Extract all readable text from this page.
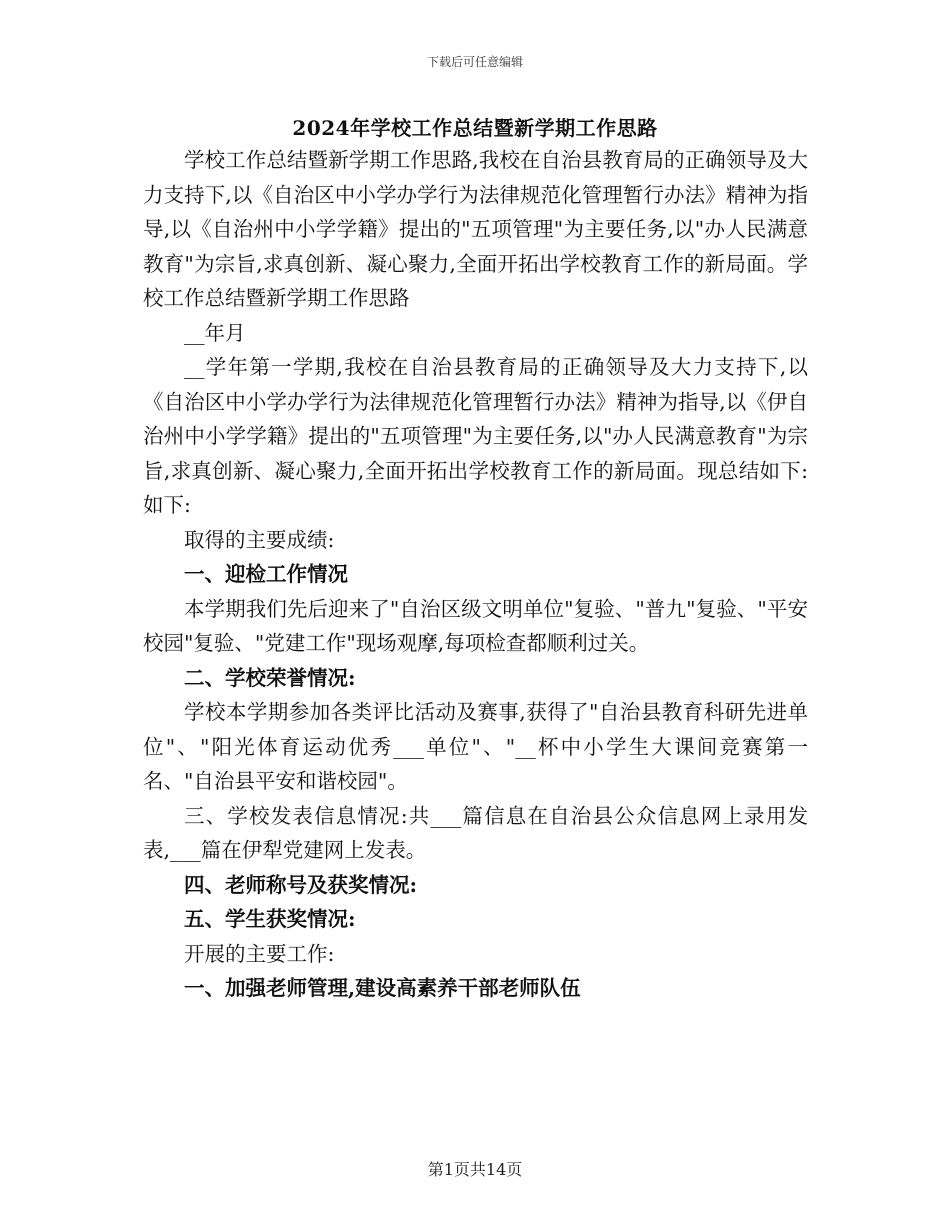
下载后可任意编辑
2024年学校工作总结暨新学期工作思路

学校工作总结暨新学期工作思路,我校在自治县教育局的正确领导及大力支持下,以《自治区中小学办学行为法律规范化管理暂行办法》精神为指导,以《自治州中小学学籍》提出的"五项管理"为主要任务,以"办人民满意教育"为宗旨,求真创新、凝心聚力,全面开拓出学校教育工作的新局面。学校工作总结暨新学期工作思路

__年月

__学年第一学期,我校在自治县教育局的正确领导及大力支持下,以《自治区中小学办学行为法律规范化管理暂行办法》精神为指导,以《伊自治州中小学学籍》提出的"五项管理"为主要任务,以"办人民满意教育"为宗旨,求真创新、凝心聚力,全面开拓出学校教育工作的新局面。现总结如下:如下:

取得的主要成绩:

一、迎检工作情况

本学期我们先后迎来了"自治区级文明单位"复验、"普九"复验、"平安校园"复验、"党建工作"现场观摩,每项检查都顺利过关。

二、学校荣誉情况:

学校本学期参加各类评比活动及赛事,获得了"自治县教育科研先进单位"、"阳光体育运动优秀___单位"、"__杯中小学生大课间竞赛第一名、"自治县平安和谐校园"。

三、学校发表信息情况:共___篇信息在自治县公众信息网上录用发表,___篇在伊犁党建网上发表。

四、老师称号及获奖情况:

五、学生获奖情况:

开展的主要工作:

一、加强老师管理,建设高素养干部老师队伍

第1页共14页
